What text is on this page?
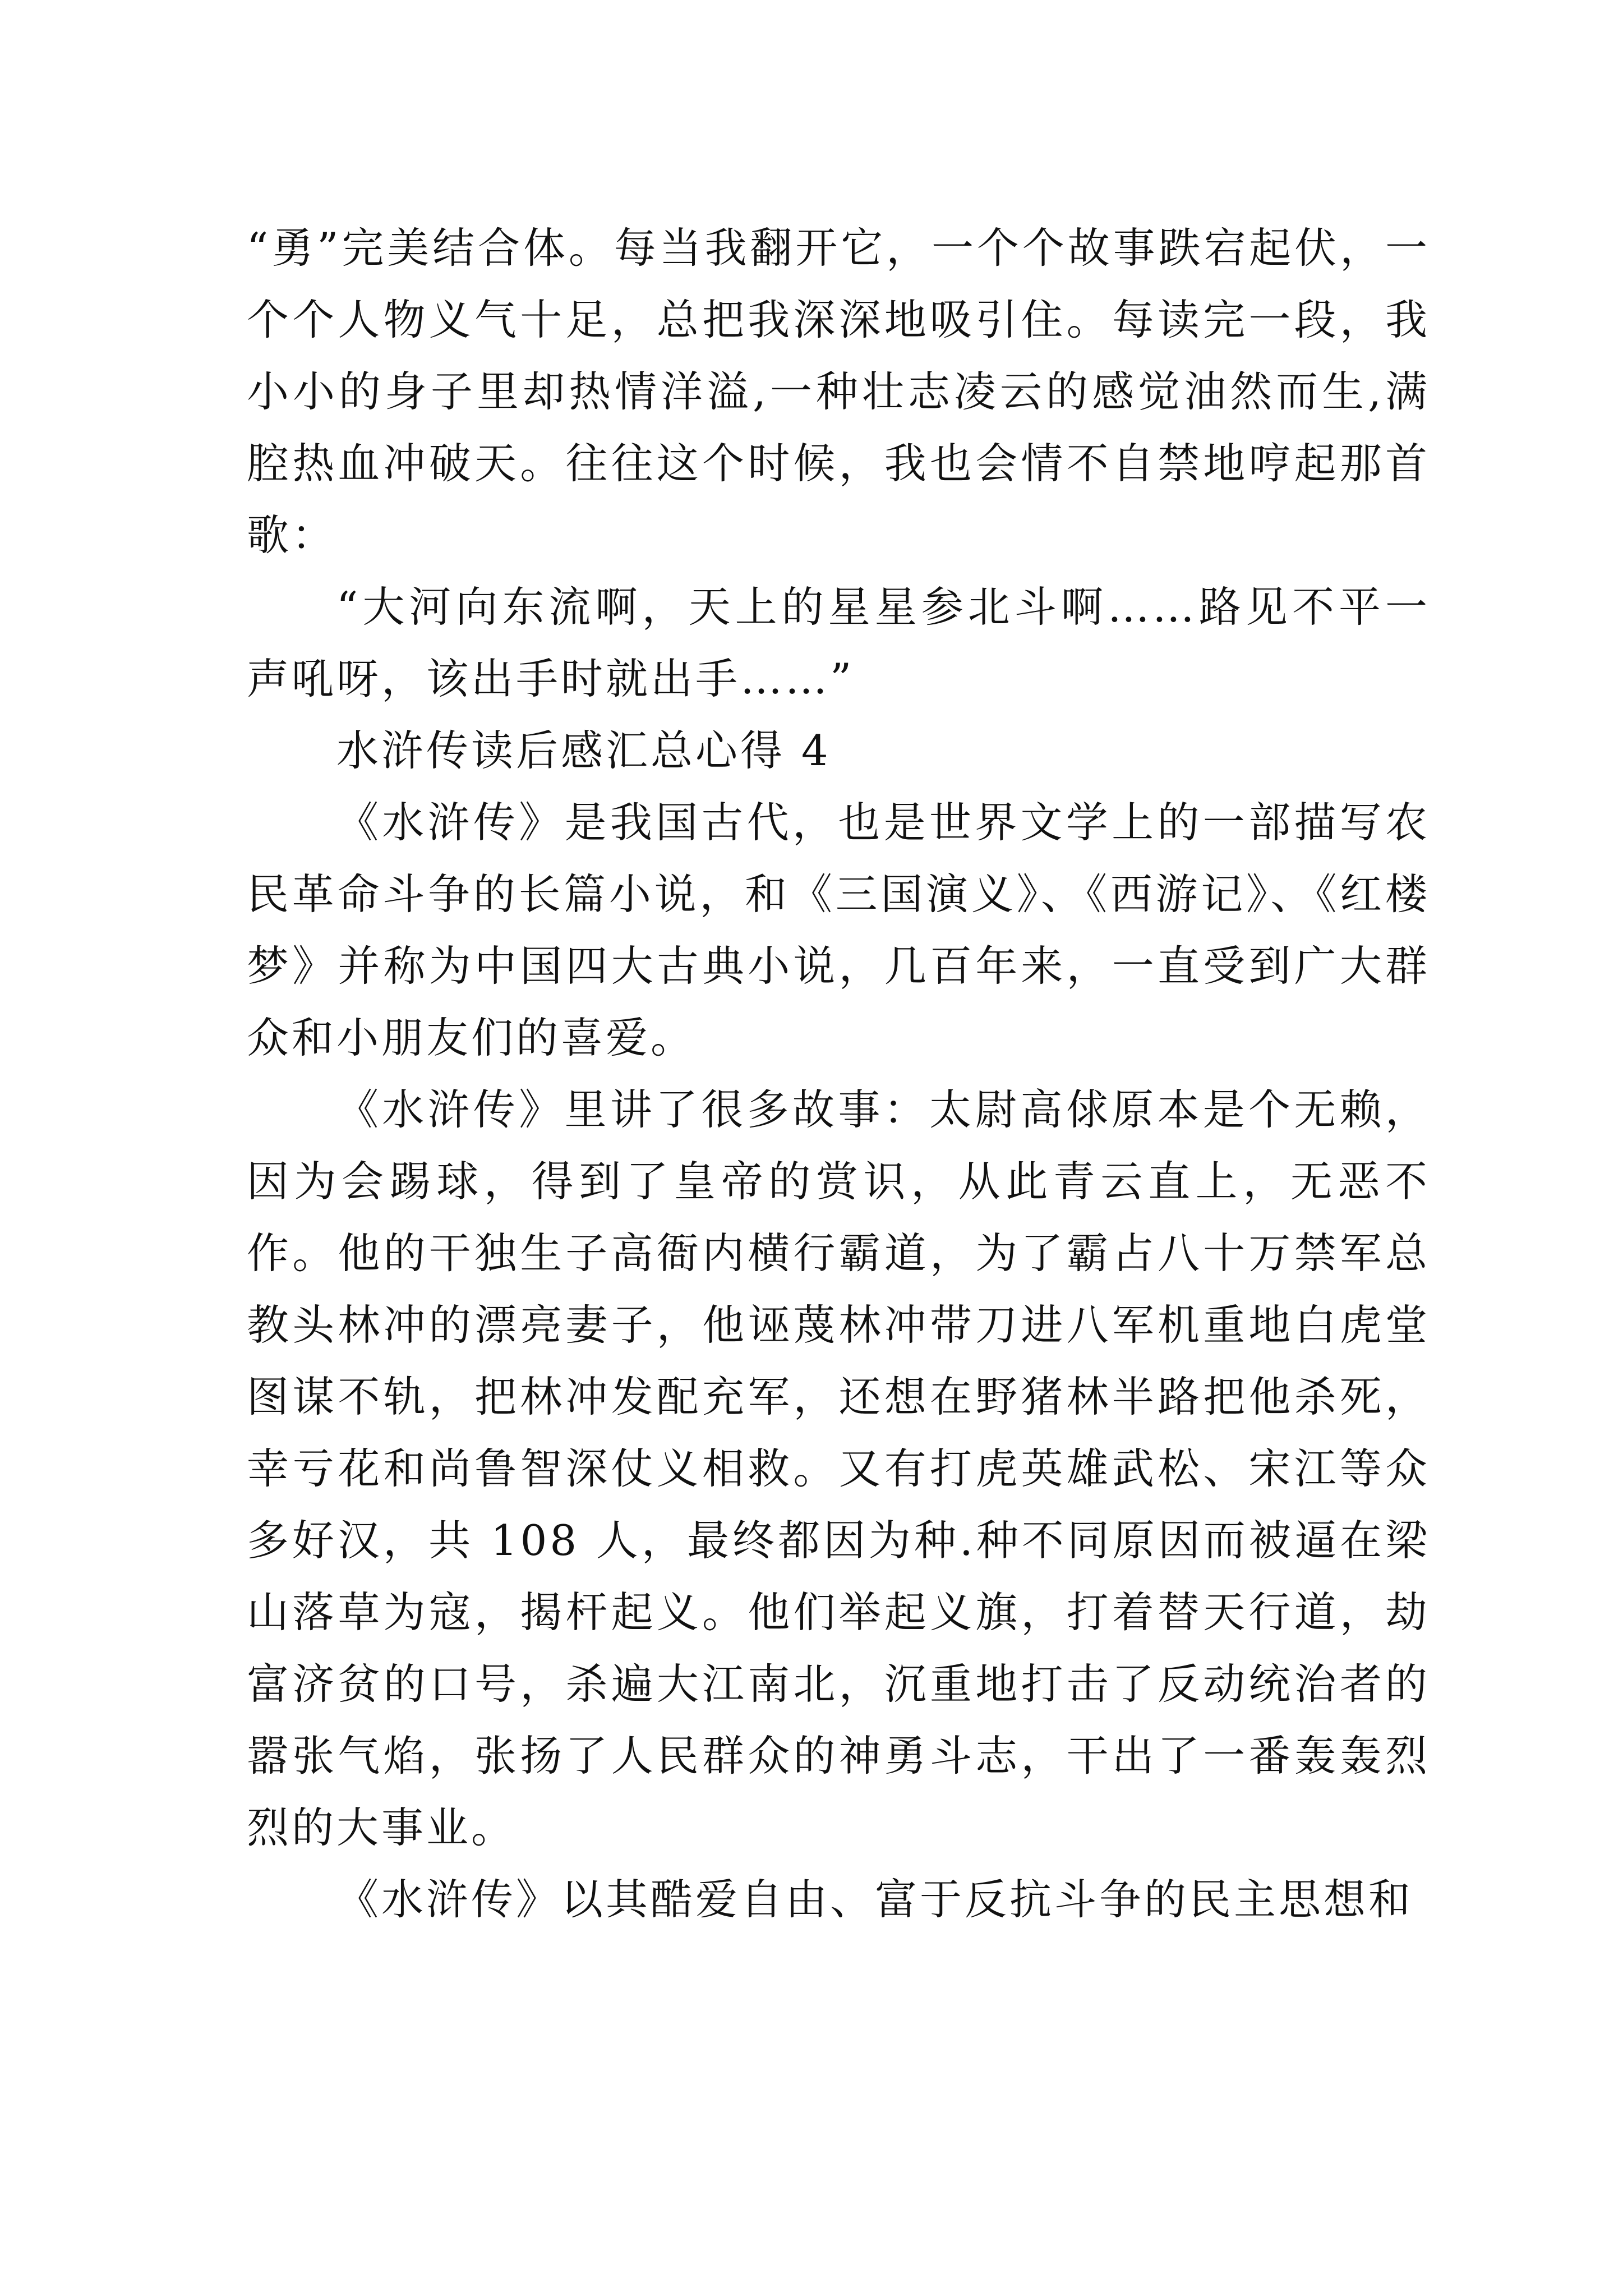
“勇”完美结合体。每当我翻开它，一个个故事跌宕起伏，一个个人物义气十足，总把我深深地吸引住。每读完一段，我小小的身子里却热情洋溢,一种壮志凌云的感觉油然而生,满腔热血冲破天。往往这个时候，我也会情不自禁地哼起那首歌：

“大河向东流啊，天上的星星参北斗啊……路见不平一声吼呀，该出手时就出手……”

水浒传读后感汇总心得 4

《水浒传》是我国古代，也是世界文学上的一部描写农民革命斗争的长篇小说，和《三国演义》、《西游记》、《红楼梦》并称为中国四大古典小说，几百年来，一直受到广大群众和小朋友们的喜爱。

《水浒传》里讲了很多故事：太尉高俅原本是个无赖，因为会踢球，得到了皇帝的赏识，从此青云直上，无恶不作。他的干独生子高衙内横行霸道，为了霸占八十万禁军总教头林冲的漂亮妻子，他诬蔑林冲带刀进八军机重地白虎堂图谋不轨，把林冲发配充军，还想在野猪林半路把他杀死，幸亏花和尚鲁智深仗义相救。又有打虎英雄武松、宋江等众多好汉，共 108 人，最终都因为种.种不同原因而被逼在梁山落草为寇，揭杆起义。他们举起义旗，打着替天行道，劫富济贫的口号，杀遍大江南北，沉重地打击了反动统治者的嚣张气焰，张扬了人民群众的神勇斗志，干出了一番轰轰烈烈的大事业。

《水浒传》以其酷爱自由、富于反抗斗争的民主思想和
